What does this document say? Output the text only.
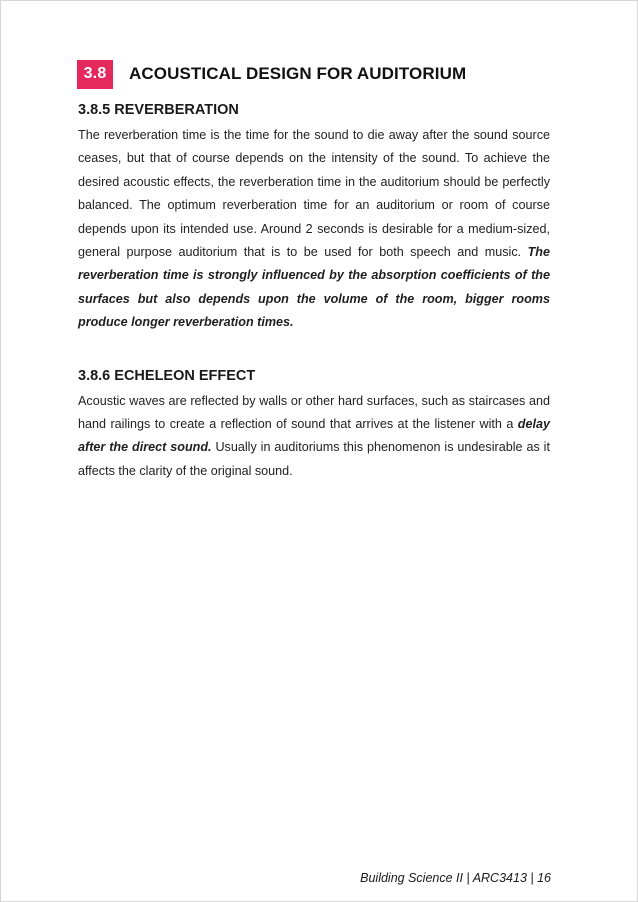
3.8	ACOUSTICAL DESIGN FOR AUDITORIUM
3.8.5 REVERBERATION

The reverberation time is the time for the sound to die away after the sound source ceases, but that of course depends on the intensity of the sound. To achieve the desired acoustic effects, the reverberation time in the auditorium should be perfectly balanced. The optimum reverberation time for an auditorium or room of course depends upon its intended use. Around 2 seconds is desirable for a medium-sized, general purpose auditorium that is to be used for both speech and music. The reverberation time is strongly influenced by the absorption coefficients of the surfaces but also depends upon the volume of the room, bigger rooms produce longer reverberation times.

3.8.6 ECHELEON EFFECT

Acoustic waves are reflected by walls or other hard surfaces, such as staircases and hand railings to create a reflection of sound that arrives at the listener with a delay after the direct sound. Usually in auditoriums this phenomenon is undesirable as it affects the clarity of the original sound.

Building Science II | ARC3413 | 16
